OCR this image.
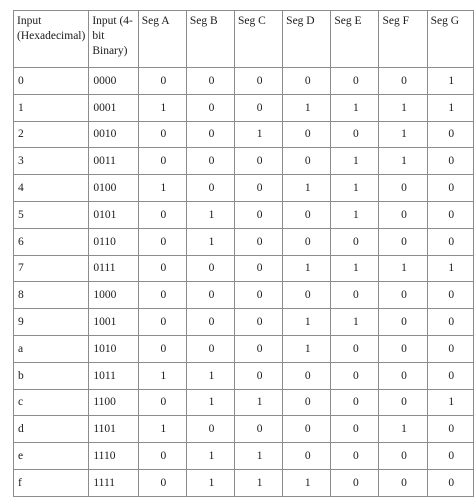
Input (Hexadecimal)	Input (4-bit Binary)	Seg A	Seg B	Seg C	Seg D	Seg E	Seg F	Seg G
0	0000	0	0	0	0	0	0	1
1	0001	1	0	0	1	1	1	1
2	0010	0	0	1	0	0	1	0
3	0011	0	0	0	0	1	1	0
4	0100	1	0	0	1	1	0	0
5	0101	0	1	0	0	1	0	0
6	0110	0	1	0	0	0	0	0
7	0111	0	0	0	1	1	1	1
8	1000	0	0	0	0	0	0	0
9	1001	0	0	0	1	1	0	0
a	1010	0	0	0	1	0	0	0
b	1011	1	1	0	0	0	0	0
c	1100	0	1	1	0	0	0	1
d	1101	1	0	0	0	0	1	0
e	1110	0	1	1	0	0	0	0
f	1111	0	1	1	1	0	0	0
